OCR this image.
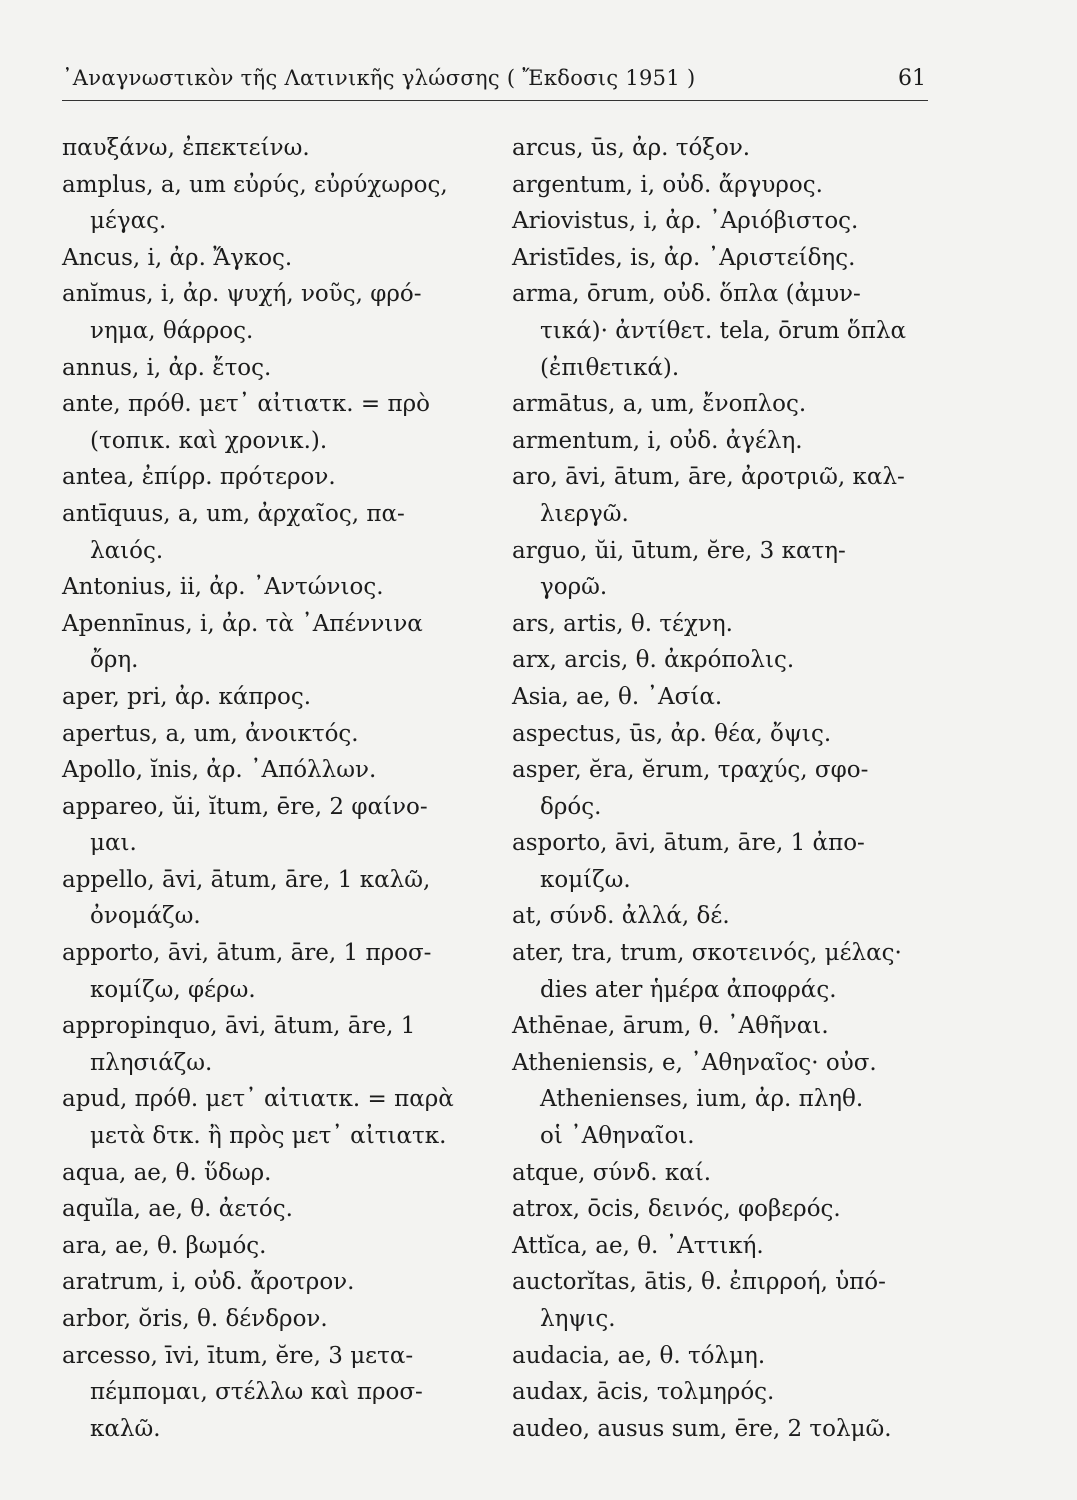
᾿Αναγνωστικὸν τῆς Λατινικῆς γλώσσης ( Ἔκδοσις 1951 )	61
παυξάνω, ἐπεκτείνω.
amplus, a, um εὐρύς, εὐρύχωρος,
μέγας.
Ancus, i, ἀρ. Ἄγκος.
anĭmus, i, ἀρ. ψυχή, νοῦς, φρό-
νημα, θάρρος.
annus, i, ἀρ. ἔτος.
ante, πρόθ. μετ᾿ αἰτιατκ. = πρὸ
(τοπικ. καὶ χρονικ.).
antea, ἐπίρρ. πρότερον.
antīquus, a, um, ἀρχαῖος, πα-
λαιός.
Antonius, ii, ἀρ. ᾿Αντώνιος.
Apennīnus, i, ἀρ. τὰ ᾿Απέννινα
ὄρη.
aper, pri, ἀρ. κάπρος.
apertus, a, um, ἀνοικτός.
Apollo, ĭnis, ἀρ. ᾿Απόλλων.
appareo, ŭi, ĭtum, ēre, 2 φαίνο-
μαι.
appello, āvi, ātum, āre, 1 καλῶ,
ὀνομάζω.
apporto, āvi, ātum, āre, 1 προσ-
κομίζω, φέρω.
appropinquo, āvi, ātum, āre, 1
πλησιάζω.
apud, πρόθ. μετ᾿ αἰτιατκ. = παρὰ
μετὰ δτκ. ἢ πρὸς μετ᾿ αἰτιατκ.
aqua, ae, θ. ὕδωρ.
aquĭla, ae, θ. ἀετός.
ara, ae, θ. βωμός.
aratrum, i, οὐδ. ἄροτρον.
arbor, ŏris, θ. δένδρον.
arcesso, īvi, ītum, ĕre, 3 μετα-
πέμπομαι, στέλλω καὶ προσ-
καλῶ.
arcus, ūs, ἀρ. τόξον.
argentum, i, οὐδ. ἄργυρος.
Ariovistus, i, ἀρ. ᾿Αριόβιστος.
Aristīdes, is, ἀρ. ᾿Αριστείδης.
arma, ōrum, οὐδ. ὅπλα (ἀμυν-
τικά)· ἀντίθετ. tela, ōrum ὅπλα
(ἐπιθετικά).
armātus, a, um, ἔνοπλος.
armentum, i, οὐδ. ἀγέλη.
aro, āvi, ātum, āre, ἀροτριῶ, καλ-
λιεργῶ.
arguo, ŭi, ūtum, ĕre, 3 κατη-
γορῶ.
ars, artis, θ. τέχνη.
arx, arcis, θ. ἀκρόπολις.
Asia, ae, θ. ᾿Ασία.
aspectus, ūs, ἀρ. θέα, ὄψις.
asper, ĕra, ĕrum, τραχύς, σφο-
δρός.
asporto, āvi, ātum, āre, 1 ἀπο-
κομίζω.
at, σύνδ. ἀλλά, δέ.
ater, tra, trum, σκοτεινός, μέλας·
dies ater ἡμέρα ἀποφράς.
Athēnae, ārum, θ. ᾿Αθῆναι.
Atheniensis, e, ᾿Αθηναῖος· οὐσ.
Athenienses, ium, ἀρ. πληθ.
οἱ ᾿Αθηναῖοι.
atque, σύνδ. καί.
atrox, ōcis, δεινός, φοβερός.
Attĭca, ae, θ. ᾿Αττική.
auctorĭtas, ātis, θ. ἐπιρροή, ὑπό-
ληψις.
audacia, ae, θ. τόλμη.
audax, ācis, τολμηρός.
audeo, ausus sum, ēre, 2 τολμῶ.
